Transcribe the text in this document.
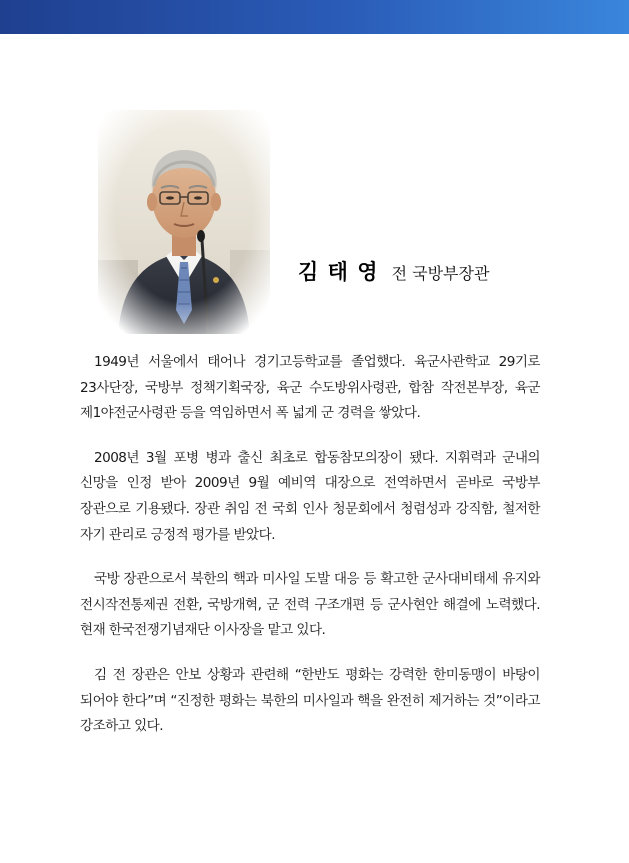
김 태 영 전 국방부장관

1949년 서울에서 태어나 경기고등학교를 졸업했다. 육군사관학교 29기로 23사단장, 국방부 정책기획국장, 육군 수도방위사령관, 합참 작전본부장, 육군 제1야전군사령관 등을 역임하면서 폭 넓게 군 경력을 쌓았다.

2008년 3월 포병 병과 출신 최초로 합동참모의장이 됐다. 지휘력과 군내의 신망을 인정 받아 2009년 9월 예비역 대장으로 전역하면서 곧바로 국방부 장관으로 기용됐다. 장관 취임 전 국회 인사 청문회에서 청렴성과 강직함, 철저한 자기 관리로 긍정적 평가를 받았다.

국방 장관으로서 북한의 핵과 미사일 도발 대응 등 확고한 군사대비태세 유지와 전시작전통제권 전환, 국방개혁, 군 전력 구조개편 등 군사현안 해결에 노력했다. 현재 한국전쟁기념재단 이사장을 맡고 있다.

김 전 장관은 안보 상황과 관련해 “한반도 평화는 강력한 한미동맹이 바탕이 되어야 한다”며 “진정한 평화는 북한의 미사일과 핵을 완전히 제거하는 것”이라고 강조하고 있다.
